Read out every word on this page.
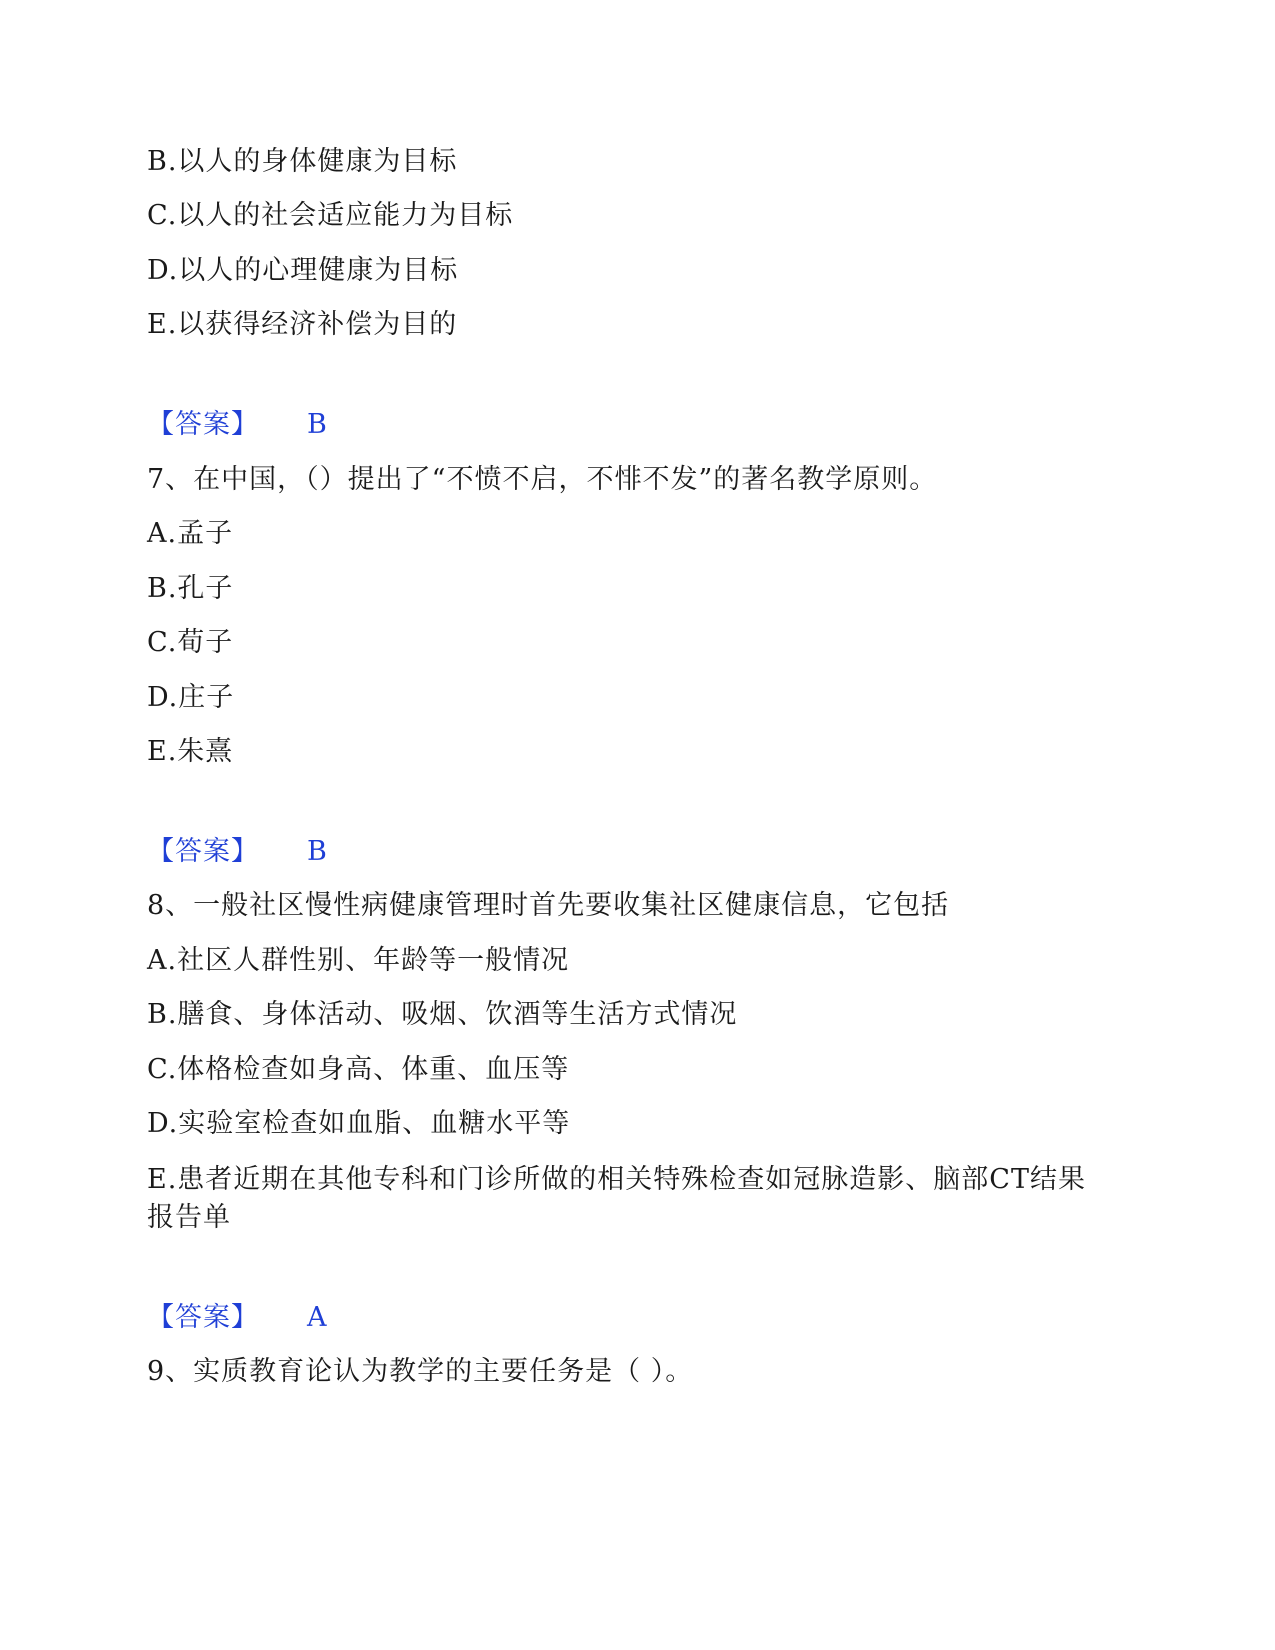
B.以人的身体健康为目标
C.以人的社会适应能力为目标
D.以人的心理健康为目标
E.以获得经济补偿为目的
【答案】 B
7、在中国，（）提出了“不愤不启，不悱不发”的著名教学原则。
A.孟子
B.孔子
C.荀子
D.庄子
E.朱熹
【答案】 B
8、一般社区慢性病健康管理时首先要收集社区健康信息，它包括
A.社区人群性别、年龄等一般情况
B.膳食、身体活动、吸烟、饮酒等生活方式情况
C.体格检查如身高、体重、血压等
D.实验室检查如血脂、血糖水平等
E.患者近期在其他专科和门诊所做的相关特殊检查如冠脉造影、脑部CT结果报告单
【答案】 A
9、实质教育论认为教学的主要任务是（ ）。
